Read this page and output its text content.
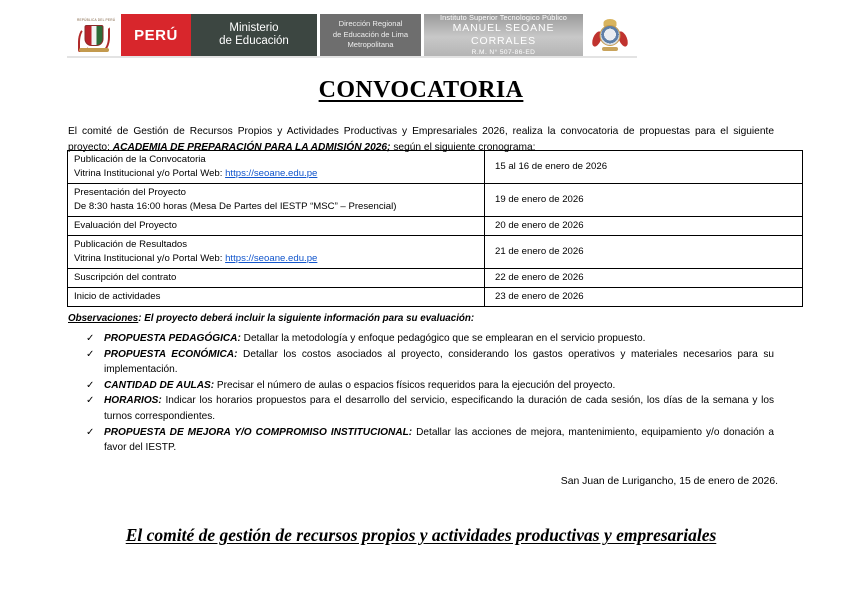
REPÚBLICA DEL PERÚ
PERÚ	Ministerio
de Educación
Dirección Regional
de Educación de Lima
Metropolitana
Instituto Superior Tecnologico Público
MANUEL SEOANE CORRALES
R.M. N° 507-86-ED
CONVOCATORIA

El comité de Gestión de Recursos Propios y Actividades Productivas y Empresariales 2026, realiza la convocatoria de propuestas para el siguiente proyecto: ACADEMIA DE PREPARACIÓN PARA LA ADMISIÓN 2026; según el siguiente cronograma:

Publicación de la Convocatoria
Vitrina Institucional y/o Portal Web: https://seoane.edu.pe	15 al 16 de enero de 2026

Presentación del Proyecto
De 8:30 hasta 16:00 horas (Mesa De Partes del IESTP “MSC” – Presencial)	19 de enero de 2026

Evaluación del Proyecto	20 de enero de 2026

Publicación de Resultados
Vitrina Institucional y/o Portal Web: https://seoane.edu.pe	21 de enero de 2026
Suscripción del contrato	22 de enero de 2026
Inicio de actividades	23 de enero de 2026
Observaciones: El proyecto deberá incluir la siguiente información para su evaluación:
✓ PROPUESTA PEDAGÓGICA: Detallar la metodología y enfoque pedagógico que se emplearan en el servicio propuesto.
✓ PROPUESTA ECONÓMICA: Detallar los costos asociados al proyecto, considerando los gastos operativos y materiales necesarios para su implementación.
✓ CANTIDAD DE AULAS: Precisar el número de aulas o espacios físicos requeridos para la ejecución del proyecto.
✓ HORARIOS: Indicar los horarios propuestos para el desarrollo del servicio, especificando la duración de cada sesión, los días de la semana y los turnos correspondientes.
✓ PROPUESTA DE MEJORA Y/O COMPROMISO INSTITUCIONAL: Detallar las acciones de mejora, mantenimiento, equipamiento y/o donación a favor del IESTP.
San Juan de Lurigancho, 15 de enero de 2026.
El comité de gestión de recursos propios y actividades productivas y empresariales
